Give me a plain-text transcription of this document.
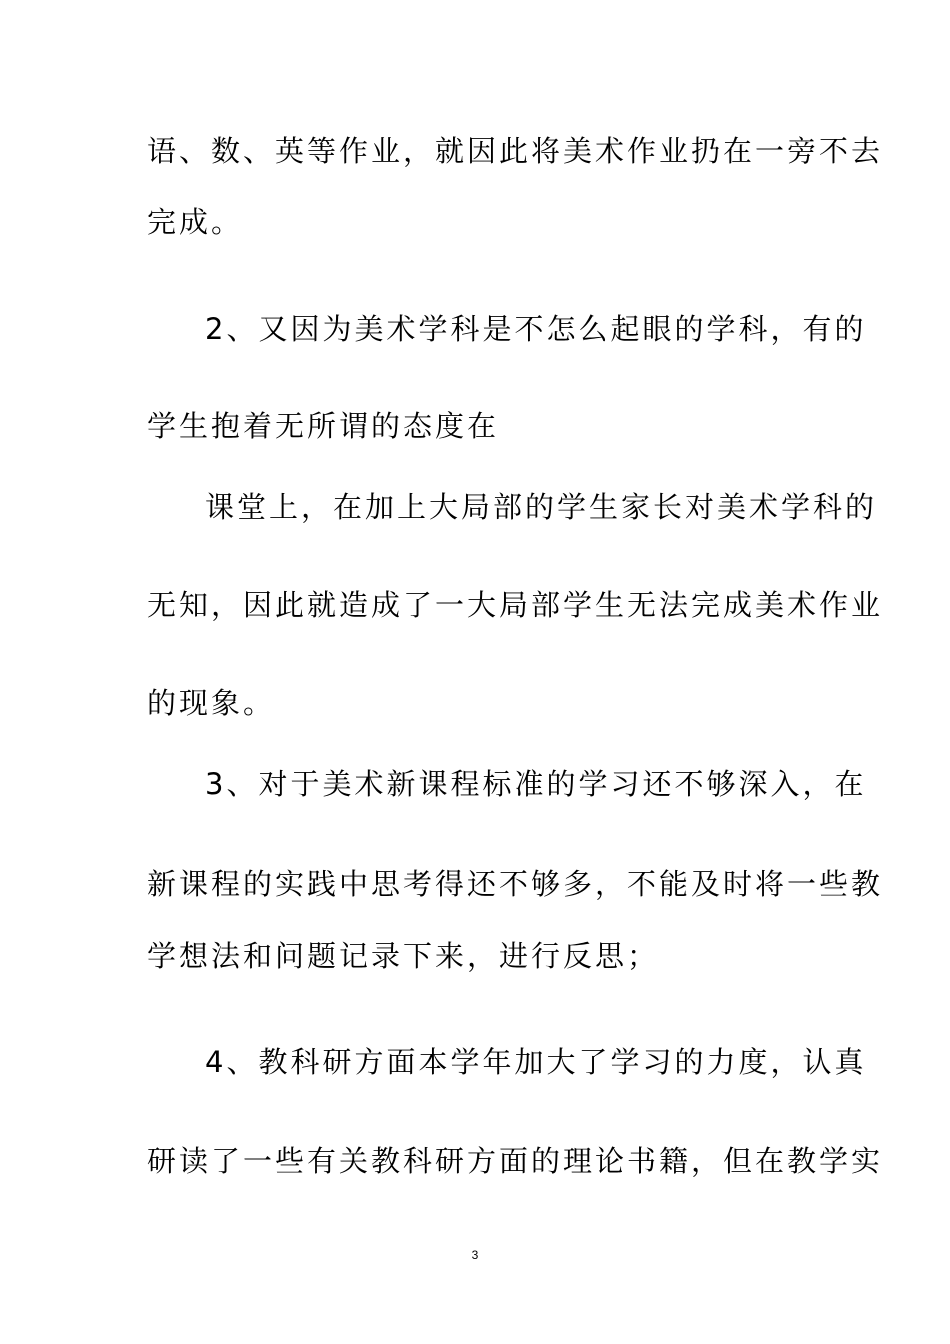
语、数、英等作业，就因此将美术作业扔在一旁不去
完成。
2、又因为美术学科是不怎么起眼的学科，有的
学生抱着无所谓的态度在
课堂上，在加上大局部的学生家长对美术学科的
无知，因此就造成了一大局部学生无法完成美术作业
的现象。
3、对于美术新课程标准的学习还不够深入，在
新课程的实践中思考得还不够多，不能及时将一些教
学想法和问题记录下来，进行反思；
4、教科研方面本学年加大了学习的力度，认真
研读了一些有关教科研方面的理论书籍，但在教学实
3
